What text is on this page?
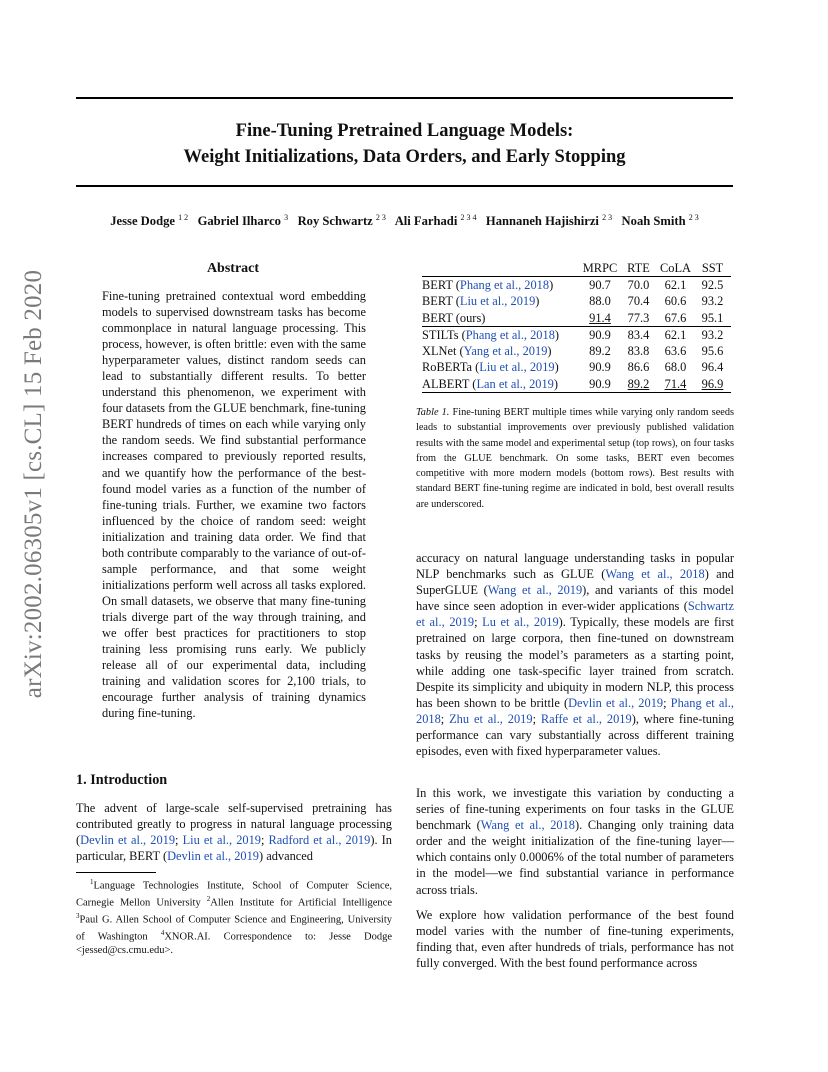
Fine-Tuning Pretrained Language Models:
Weight Initializations, Data Orders, and Early Stopping
Jesse Dodge $^{1 2}$ Gabriel Ilharco $^3$ Roy Schwartz $^{2 3}$ Ali Farhadi $^{2 3 4}$ Hannaneh Hajishirzi $^{2 3}$ Noah Smith $^{2 3}$
arXiv:2002.06305v1 [cs.CL] 15 Feb 2020
Abstract
Fine-tuning pretrained contextual word embedding models to supervised downstream tasks has become commonplace in natural language processing. This process, however, is often brittle: even with the same hyperparameter values, distinct random seeds can lead to substantially different results. To better understand this phenomenon, we experiment with four datasets from the GLUE benchmark, fine-tuning BERT hundreds of times on each while varying only the random seeds. We find substantial performance increases compared to previously reported results, and we quantify how the performance of the best-found model varies as a function of the number of fine-tuning trials. Further, we examine two factors influenced by the choice of random seed: weight initialization and training data order. We find that both contribute comparably to the variance of out-of-sample performance, and that some weight initializations perform well across all tasks explored. On small datasets, we observe that many fine-tuning trials diverge part of the way through training, and we offer best practices for practitioners to stop training less promising runs early. We publicly release all of our experimental data, including training and validation scores for 2,100 trials, to encourage further analysis of training dynamics during fine-tuning.
1. Introduction
The advent of large-scale self-supervised pretraining has contributed greatly to progress in natural language processing (Devlin et al., 2019; Liu et al., 2019; Radford et al., 2019). In particular, BERT (Devlin et al., 2019) advanced
$^1$Language Technologies Institute, School of Computer Science, Carnegie Mellon University $^2$Allen Institute for Artificial Intelligence $^3$Paul G. Allen School of Computer Science and Engineering, University of Washington $^4$XNOR.AI. Correspondence to: Jesse Dodge <jessed@cs.cmu.edu>.
	MRPC	RTE	CoLA	SST
BERT (Phang et al., 2018)	90.7	70.0	62.1	92.5
BERT (Liu et al., 2019)	88.0	70.4	60.6	93.2
BERT (ours)	91.4	77.3	67.6	95.1
STILTs (Phang et al., 2018)	90.9	83.4	62.1	93.2
XLNet (Yang et al., 2019)	89.2	83.8	63.6	95.6
RoBERTa (Liu et al., 2019)	90.9	86.6	68.0	96.4
ALBERT (Lan et al., 2019)	90.9	89.2	71.4	96.9
Table 1. Fine-tuning BERT multiple times while varying only random seeds leads to substantial improvements over previously published validation results with the same model and experimental setup (top rows), on four tasks from the GLUE benchmark. On some tasks, BERT even becomes competitive with more modern models (bottom rows). Best results with standard BERT fine-tuning regime are indicated in bold, best overall results are underscored.
accuracy on natural language understanding tasks in popular NLP benchmarks such as GLUE (Wang et al., 2018) and SuperGLUE (Wang et al., 2019), and variants of this model have since seen adoption in ever-wider applications (Schwartz et al., 2019; Lu et al., 2019). Typically, these models are first pretrained on large corpora, then fine-tuned on downstream tasks by reusing the model’s parameters as a starting point, while adding one task-specific layer trained from scratch. Despite its simplicity and ubiquity in modern NLP, this process has been shown to be brittle (Devlin et al., 2019; Phang et al., 2018; Zhu et al., 2019; Raffe et al., 2019), where fine-tuning performance can vary substantially across different training episodes, even with fixed hyperparameter values.
In this work, we investigate this variation by conducting a series of fine-tuning experiments on four tasks in the GLUE benchmark (Wang et al., 2018). Changing only training data order and the weight initialization of the fine-tuning layer—which contains only 0.0006% of the total number of parameters in the model—we find substantial variance in performance across trials.
We explore how validation performance of the best found model varies with the number of fine-tuning experiments, finding that, even after hundreds of trials, performance has not fully converged. With the best found performance across
